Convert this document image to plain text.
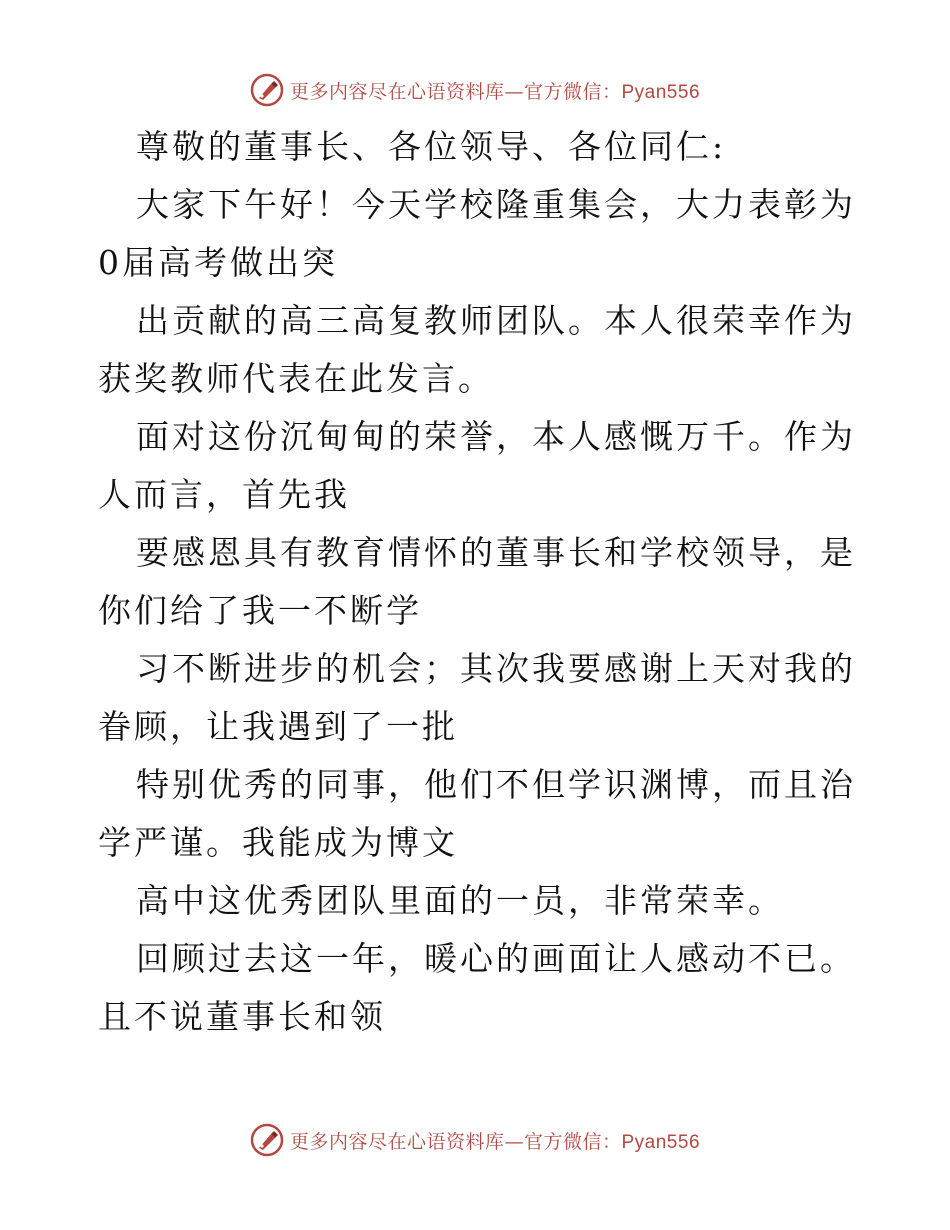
更多内容尽在心语资料库—官方微信：Pyan556

尊敬的董事长、各位领导、各位同仁:

大家下午好！今天学校隆重集会，大力表彰为 0届高考做出突

出贡献的高三高复教师团队。本人很荣幸作为获奖教师代表在此发言。

面对这份沉甸甸的荣誉，本人感慨万千。作为人而言，首先我

要感恩具有教育情怀的董事长和学校领导，是你们给了我一不断学

习不断进步的机会；其次我要感谢上天对我的眷顾，让我遇到了一批

特别优秀的同事，他们不但学识渊博，而且治学严谨。我能成为博文

高中这优秀团队里面的一员，非常荣幸。

回顾过去这一年，暖心的画面让人感动不已。且不说董事长和领

更多内容尽在心语资料库—官方微信：Pyan556
